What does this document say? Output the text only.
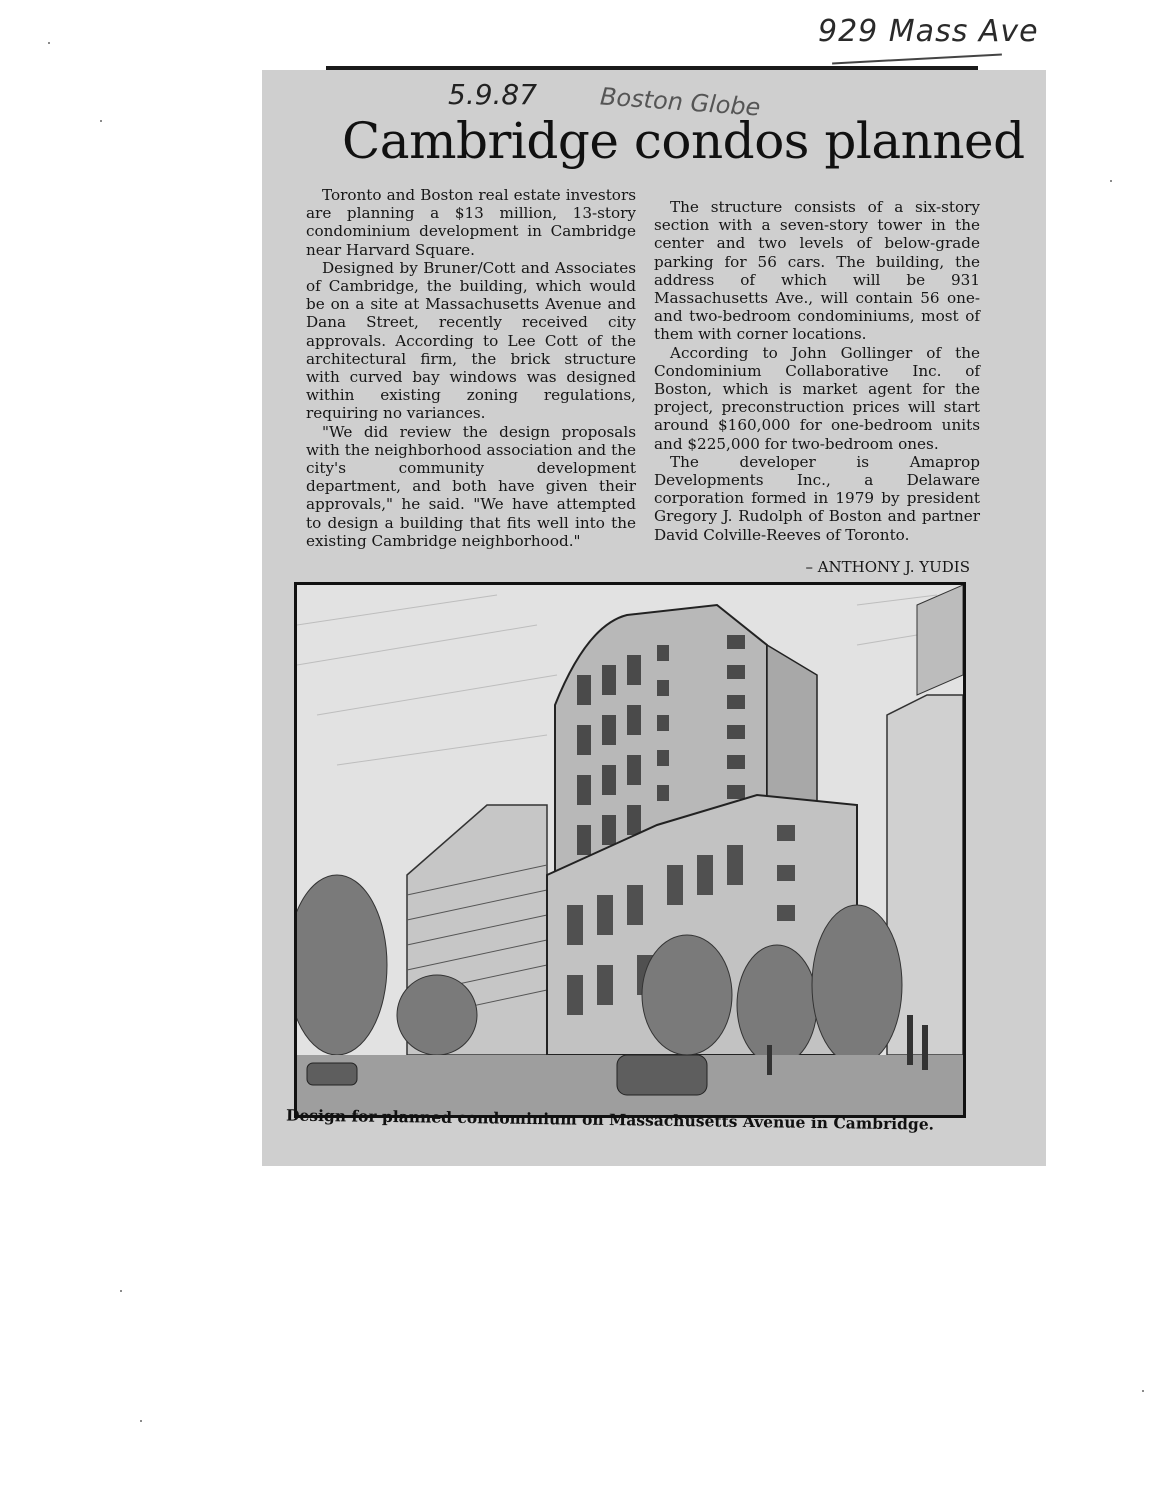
929 Mass Ave
5.9.87	Boston Globe
Cambridge condos planned

Toronto and Boston real estate investors are planning a $13 million, 13-story condominium development in Cambridge near Harvard Square.

Designed by Bruner/Cott and Associates of Cambridge, the building, which would be on a site at Massachusetts Avenue and Dana Street, recently received city approvals. According to Lee Cott of the architectural firm, the brick structure with curved bay windows was designed within existing zoning regulations, requiring no variances.

"We did review the design proposals with the neighborhood association and the city's community development department, and both have given their approvals," he said. "We have attempted to design a building that fits well into the existing Cambridge neighborhood."

The structure consists of a six-story section with a seven-story tower in the center and two levels of below-grade parking for 56 cars. The building, the address of which will be 931 Massachusetts Ave., will contain 56 one- and two-bedroom condominiums, most of them with corner locations.

According to John Gollinger of the Condominium Collaborative Inc. of Boston, which is market agent for the project, preconstruction prices will start around $160,000 for one-bedroom units and $225,000 for two-bedroom ones.

The developer is Amaprop Developments Inc., a Delaware corporation formed in 1979 by president Gregory J. Rudolph of Boston and partner David Colville-Reeves of Toronto.

– ANTHONY J. YUDIS
Design for planned condominium on Massachusetts Avenue in Cambridge.
